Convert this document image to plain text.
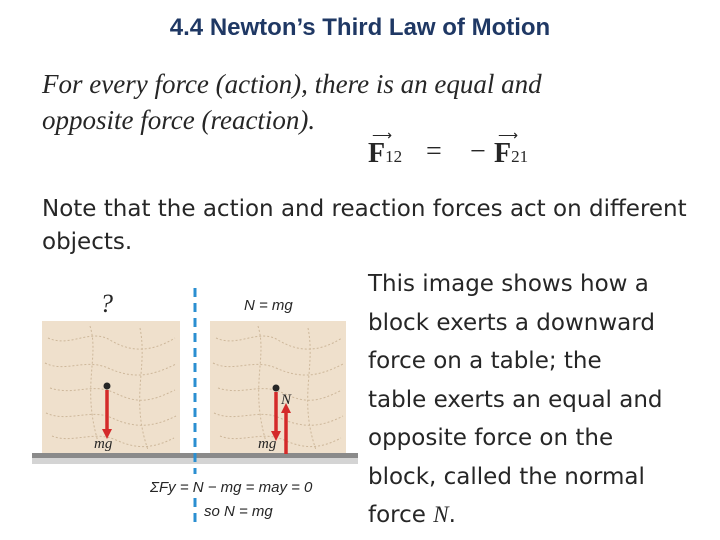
4.4 Newton’s Third Law of Motion
For every force (action), there is an equal and
opposite force (reaction).
⟶
F12 = − ⟶
F21
Note that the action and reaction forces act on different objects.
This image shows how a
block exerts a downward
force on a table; the
table exerts an equal and
opposite force on the
block, called the normal
force N.
?
mg
N = mg
N
mg
ΣFy = N − mg = may = 0
so N = mg
